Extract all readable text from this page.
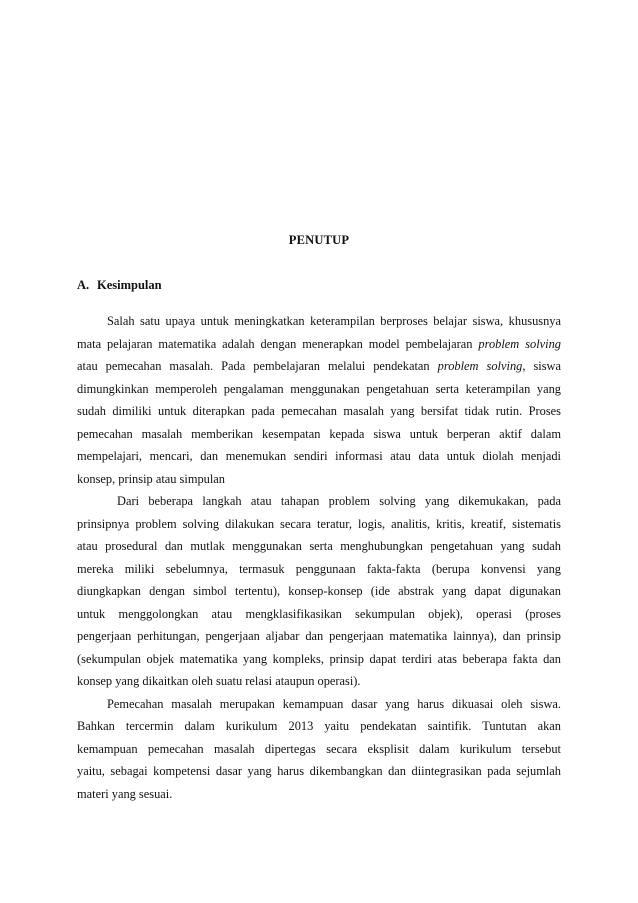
PENUTUP
A. Kesimpulan
Salah satu upaya untuk meningkatkan keterampilan berproses belajar siswa, khususnya
mata pelajaran matematika adalah dengan menerapkan model pembelajaran problem solving
atau pemecahan masalah. Pada pembelajaran melalui pendekatan problem solving, siswa
dimungkinkan memperoleh pengalaman menggunakan pengetahuan serta keterampilan yang
sudah dimiliki untuk diterapkan pada pemecahan masalah yang bersifat tidak rutin. Proses
pemecahan masalah memberikan kesempatan kepada siswa untuk berperan aktif dalam
mempelajari, mencari, dan menemukan sendiri informasi atau data untuk diolah menjadi
konsep, prinsip atau simpulan
Dari beberapa langkah atau tahapan problem solving yang dikemukakan, pada
prinsipnya problem solving dilakukan secara teratur, logis, analitis, kritis, kreatif, sistematis
atau prosedural dan mutlak menggunakan serta menghubungkan pengetahuan yang sudah
mereka miliki sebelumnya, termasuk penggunaan fakta-fakta (berupa konvensi yang
diungkapkan dengan simbol tertentu), konsep-konsep (ide abstrak yang dapat digunakan
untuk menggolongkan atau mengklasifikasikan sekumpulan objek), operasi (proses
pengerjaan perhitungan, pengerjaan aljabar dan pengerjaan matematika lainnya), dan prinsip
(sekumpulan objek matematika yang kompleks, prinsip dapat terdiri atas beberapa fakta dan
konsep yang dikaitkan oleh suatu relasi ataupun operasi).
Pemecahan masalah merupakan kemampuan dasar yang harus dikuasai oleh siswa.
Bahkan tercermin dalam kurikulum 2013 yaitu pendekatan saintifik. Tuntutan akan
kemampuan pemecahan masalah dipertegas secara eksplisit dalam kurikulum tersebut
yaitu, sebagai kompetensi dasar yang harus dikembangkan dan diintegrasikan pada sejumlah
materi yang sesuai.
